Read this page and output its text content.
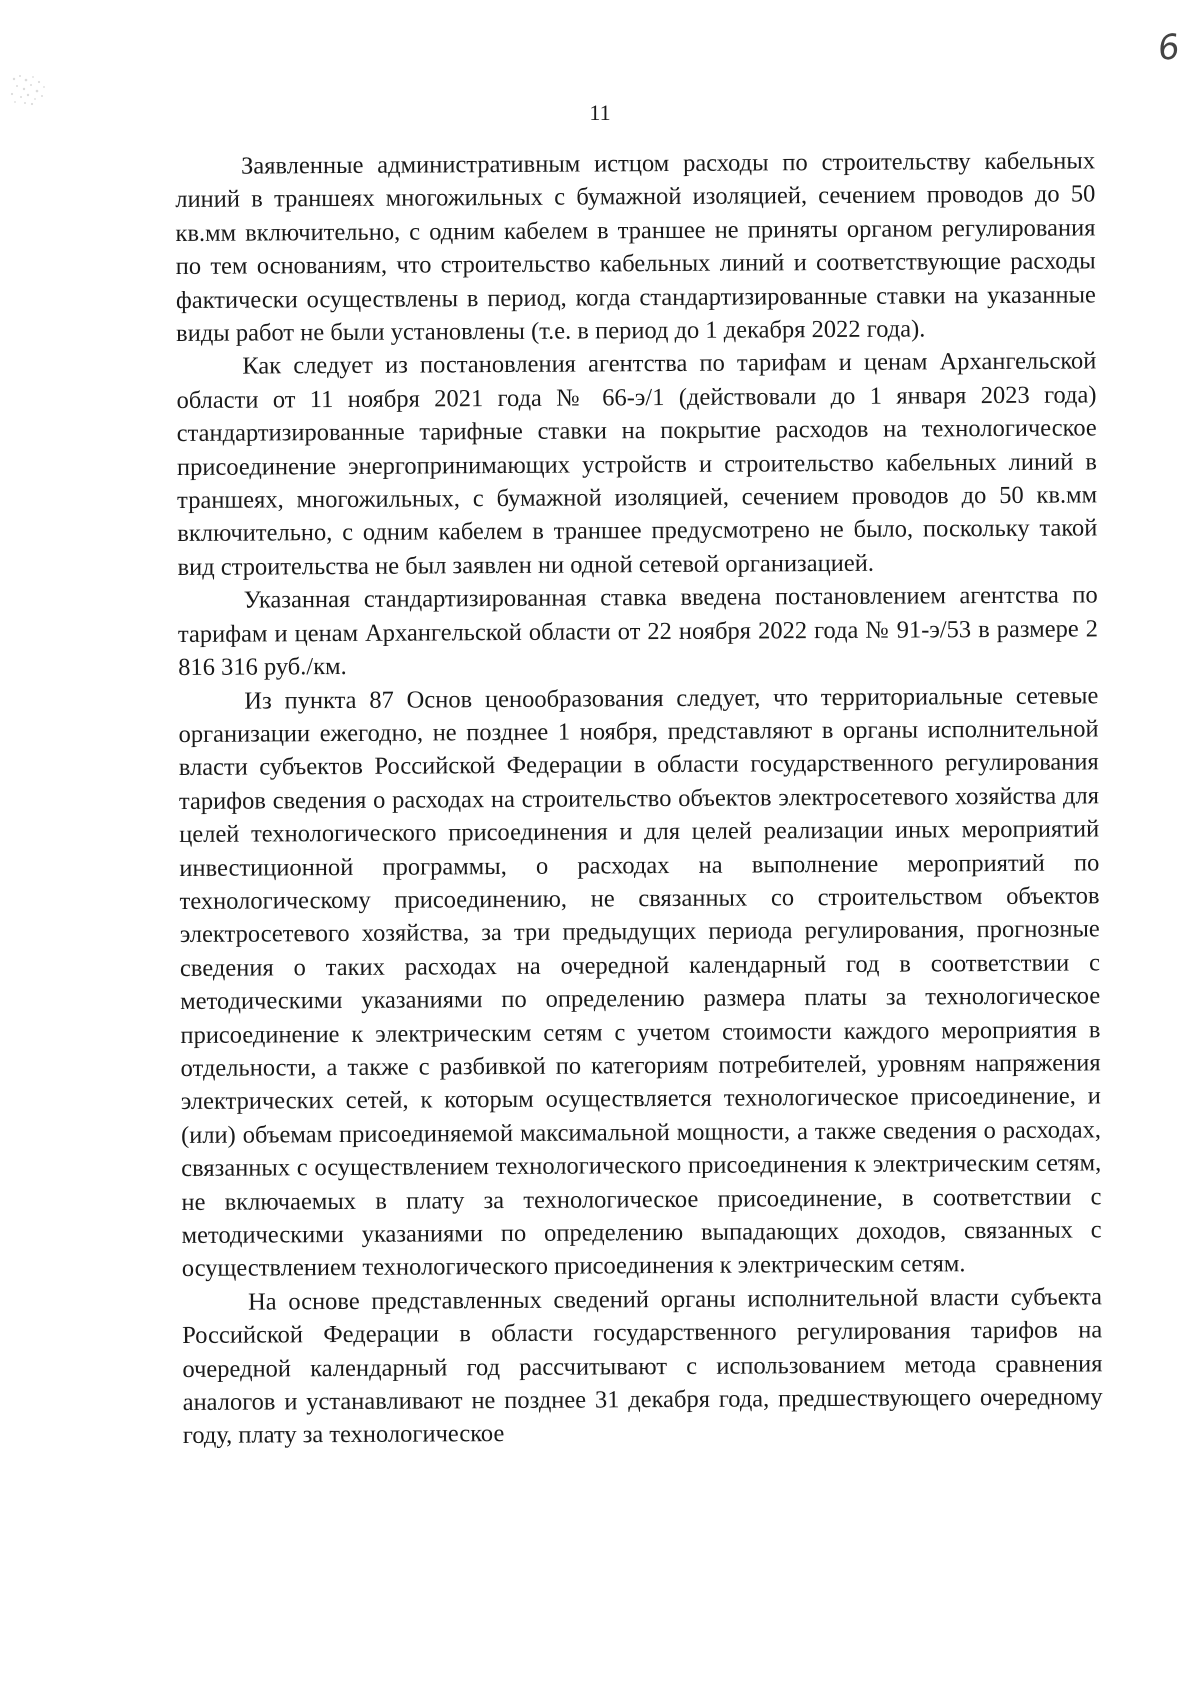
6
11

Заявленные административным истцом расходы по строительству кабельных линий в траншеях многожильных с бумажной изоляцией, сечением проводов до 50 кв.мм включительно, с одним кабелем в траншее не приняты органом регулирования по тем основаниям, что строительство кабельных линий и соответствующие расходы фактически осуществлены в период, когда стандартизированные ставки на указанные виды работ не были установлены (т.е. в период до 1 декабря 2022 года).

Как следует из постановления агентства по тарифам и ценам Архангельской области от 11 ноября 2021 года № 66-э/1 (действовали до 1 января 2023 года) стандартизированные тарифные ставки на покрытие расходов на технологическое присоединение энергопринимающих устройств и строительство кабельных линий в траншеях, многожильных, с бумажной изоляцией, сечением проводов до 50 кв.мм включительно, с одним кабелем в траншее предусмотрено не было, поскольку такой вид строительства не был заявлен ни одной сетевой организацией.

Указанная стандартизированная ставка введена постановлением агентства по тарифам и ценам Архангельской области от 22 ноября 2022 года № 91-э/53 в размере 2 816 316 руб./км.

Из пункта 87 Основ ценообразования следует, что территориальные сетевые организации ежегодно, не позднее 1 ноября, представляют в органы исполнительной власти субъектов Российской Федерации в области государственного регулирования тарифов сведения о расходах на строительство объектов электросетевого хозяйства для целей технологического присоединения и для целей реализации иных мероприятий инвестиционной программы, о расходах на выполнение мероприятий по технологическому присоединению, не связанных со строительством объектов электросетевого хозяйства, за три предыдущих периода регулирования, прогнозные сведения о таких расходах на очередной календарный год в соответствии с методическими указаниями по определению размера платы за технологическое присоединение к электрическим сетям с учетом стоимости каждого мероприятия в отдельности, а также с разбивкой по категориям потребителей, уровням напряжения электрических сетей, к которым осуществляется технологическое присоединение, и (или) объемам присоединяемой максимальной мощности, а также сведения о расходах, связанных с осуществлением технологического присоединения к электрическим сетям, не включаемых в плату за технологическое присоединение, в соответствии с методическими указаниями по определению выпадающих доходов, связанных с осуществлением технологического присоединения к электрическим сетям.

На основе представленных сведений органы исполнительной власти субъекта Российской Федерации в области государственного регулирования тарифов на очередной календарный год рассчитывают с использованием метода сравнения аналогов и устанавливают не позднее 31 декабря года, предшествующего очередному году, плату за технологическое
